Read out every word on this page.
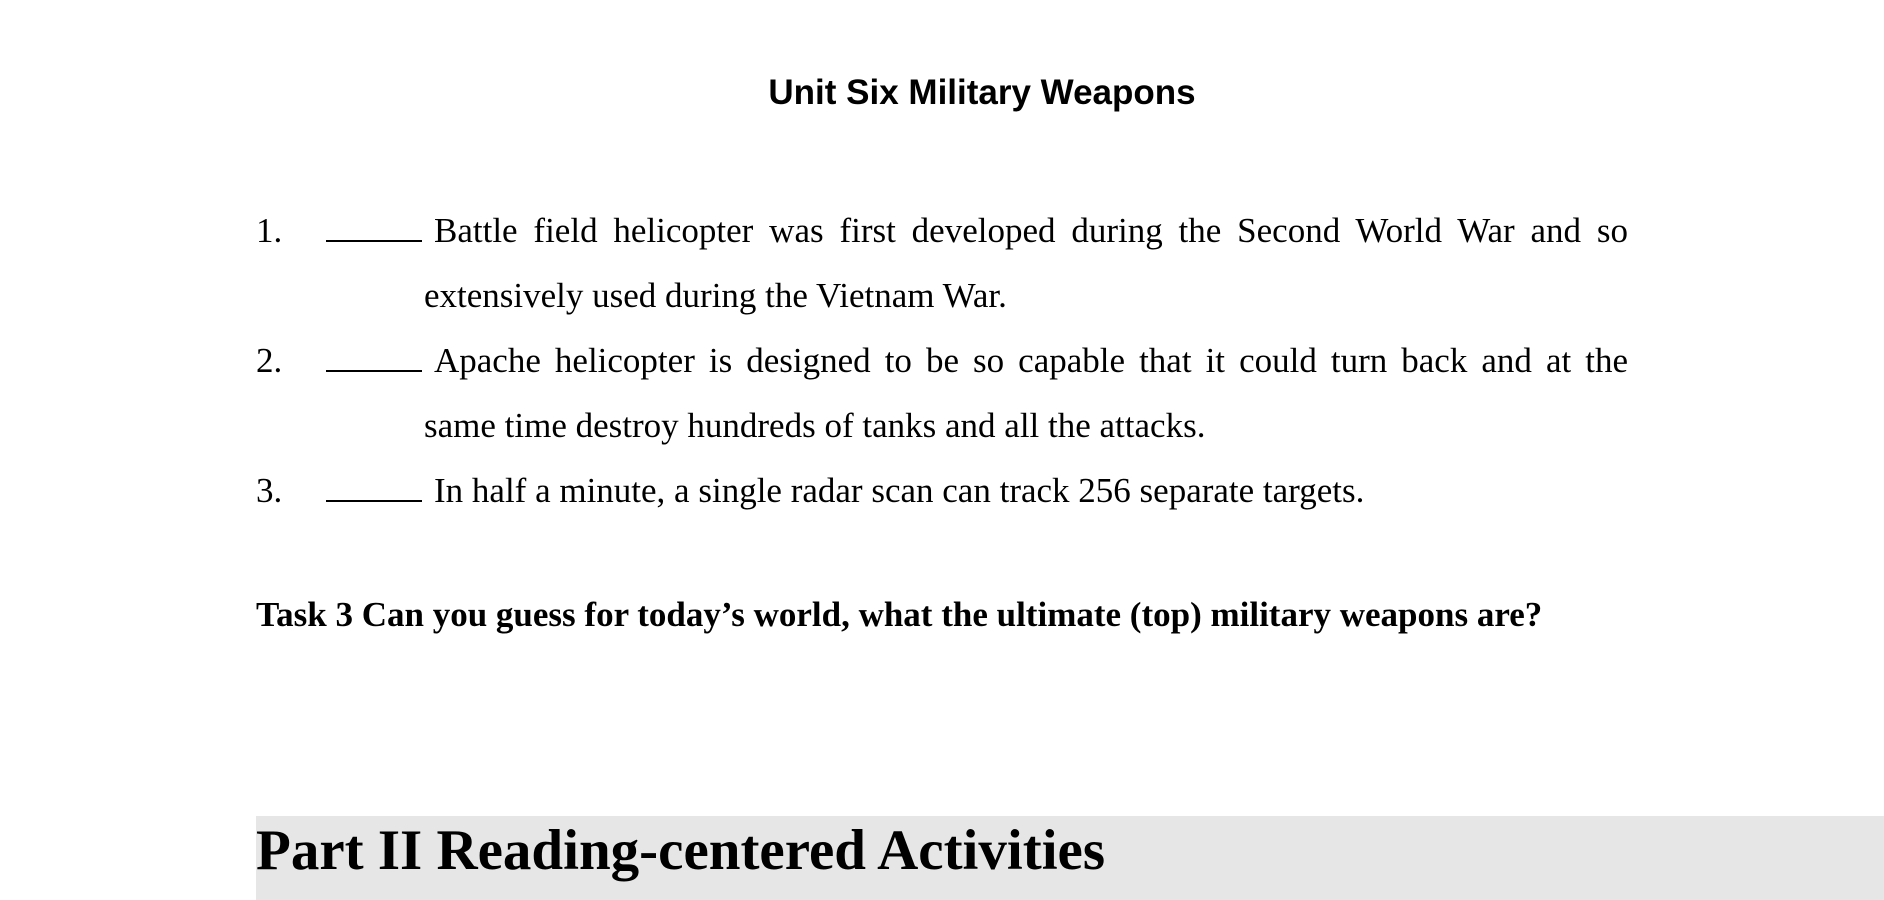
Unit Six Military Weapons
1.	Battle field helicopter was first developed during the Second World War and so extensively used during the Vietnam War.
2.	Apache helicopter is designed to be so capable that it could turn back and at the same time destroy hundreds of tanks and all the attacks.
3.	In half a minute, a single radar scan can track 256 separate targets.

Task 3 Can you guess for today’s world, what the ultimate (top) military weapons are?

Part II Reading-centered Activities
